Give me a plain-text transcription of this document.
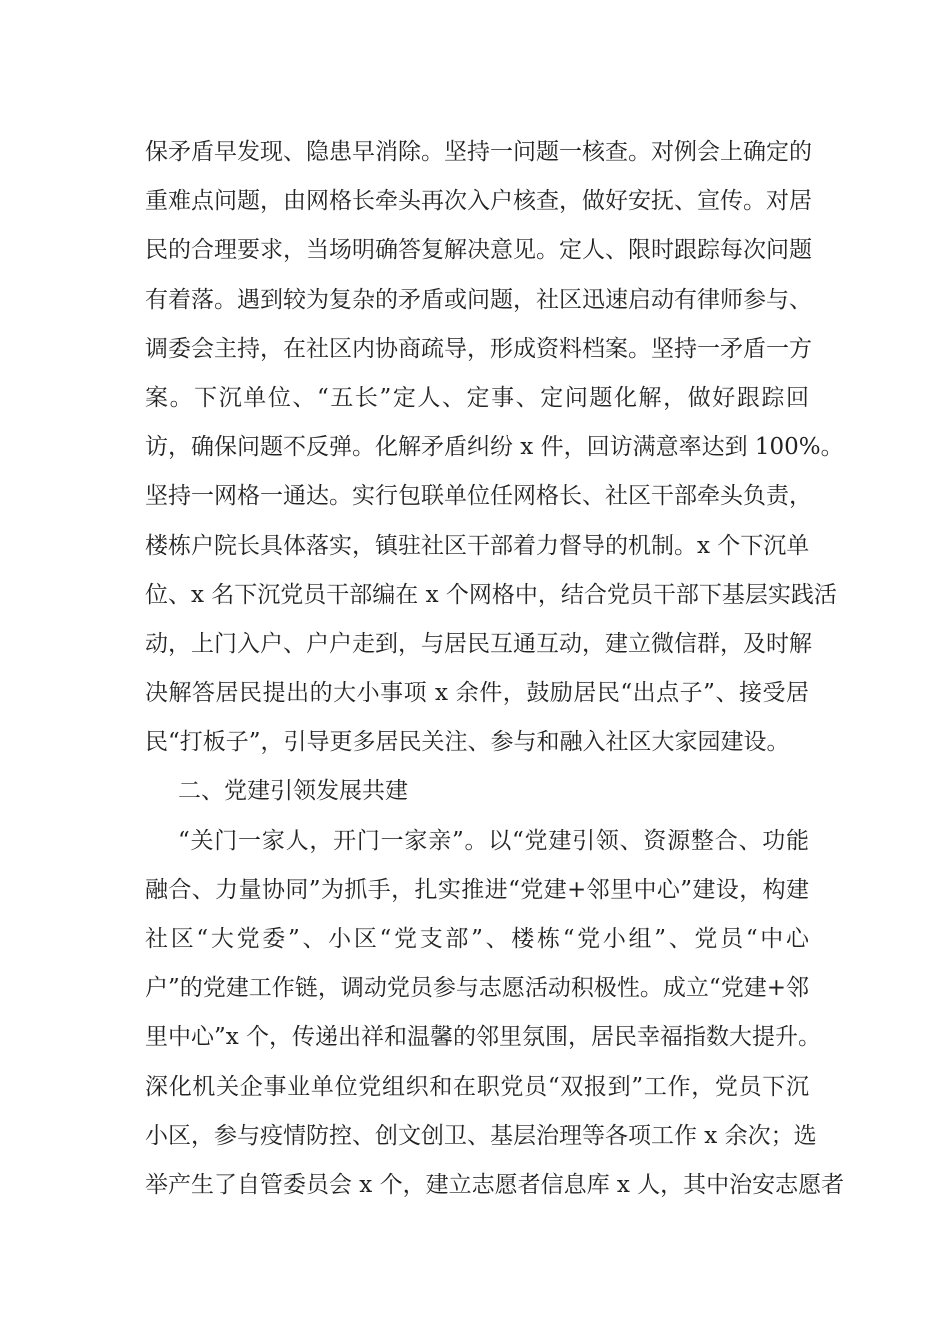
保矛盾早发现、隐患早消除。坚持一问题一核查。对例会上确定的
重难点问题，由网格长牵头再次入户核查，做好安抚、宣传。对居
民的合理要求，当场明确答复解决意见。定人、限时跟踪每次问题
有着落。遇到较为复杂的矛盾或问题，社区迅速启动有律师参与、
调委会主持，在社区内协商疏导，形成资料档案。坚持一矛盾一方
案。下沉单位、“五长”定人、定事、定问题化解，做好跟踪回
访，确保问题不反弹。化解矛盾纠纷 x 件，回访满意率达到 100%。
坚持一网格一通达。实行包联单位任网格长、社区干部牵头负责，
楼栋户院长具体落实，镇驻社区干部着力督导的机制。x 个下沉单
位、x 名下沉党员干部编在 x 个网格中，结合党员干部下基层实践活
动，上门入户、户户走到，与居民互通互动，建立微信群，及时解
决解答居民提出的大小事项 x 余件，鼓励居民“出点子”、接受居
民“打板子”，引导更多居民关注、参与和融入社区大家园建设。
二、党建引领发展共建
“关门一家人，开门一家亲”。以“党建引领、资源整合、功能
融合、力量协同”为抓手，扎实推进“党建+邻里中心”建设，构建
社区“大党委”、小区“党支部”、楼栋“党小组”、党员“中心
户”的党建工作链，调动党员参与志愿活动积极性。成立“党建+邻
里中心”x 个，传递出祥和温馨的邻里氛围，居民幸福指数大提升。
深化机关企事业单位党组织和在职党员“双报到”工作，党员下沉
小区，参与疫情防控、创文创卫、基层治理等各项工作 x 余次；选
举产生了自管委员会 x 个，建立志愿者信息库 x 人，其中治安志愿者
